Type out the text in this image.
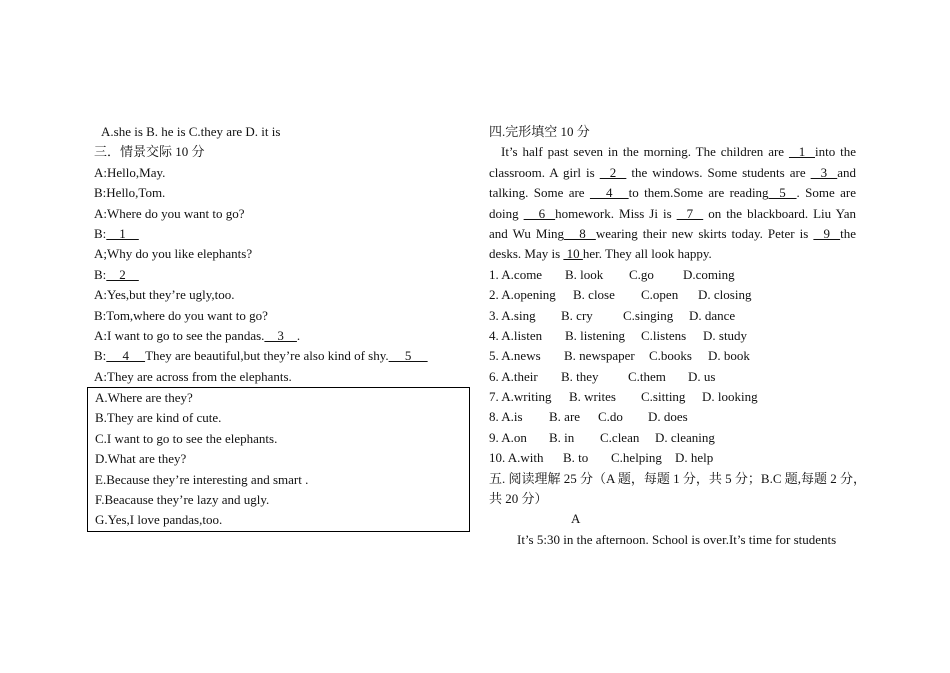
A.she is B. he is C.they are D. it is
三．情景交际 10 分
A:Hello,May.
B:Hello,Tom.
A:Where do you want to go?
B:    1
A;Why do you like elephants?
B:    2
A:Yes,but they’re ugly,too.
B:Tom,where do you want to go?
A:I want to go to see the pandas.    3    .
B:     4     They are beautiful,but they’re also kind of shy.     5
A:They are across from the elephants.
A.Where are they?
B.They are kind of cute.
C.I want to go to see the elephants.
D.What are they?
E.Because they’re interesting and smart .
F.Beacause they’re lazy and ugly.
G.Yes,I love pandas,too.
四.完形填空 10 分
It’s half past seven in the morning. The children are   1  into the
classroom. A girl is   2   the windows. Some students are   3  and
talking. Some are    4   to them.Some are reading  5  . Some are
doing    6  homework. Miss Ji is   7   on the blackboard. Liu Yan
and Wu Ming   8  wearing their new skirts today. Peter is   9  the
desks. May is  10 her. They all look happy.
1. A.come B. look C.go D.coming
2. A.opening B. close C.open D. closing
3. A.sing B. cry C.singing D. dance
4. A.listen B. listening C.listens D. study
5. A.news B. newspaper C.books D. book
6. A.their B. they C.them D. us
7. A.writing B. writes C.sitting D. looking
8. A.is B. are C.do D. does
9. A.on B. in C.clean D. cleaning
10. A.with B. to C.helping D. help
五. 阅读理解 25 分（A 题，每题 1 分，共 5 分；B.C 题,每题 2 分，
共 20 分）
A
It’s 5:30 in the afternoon. School is over.It’s time for students
